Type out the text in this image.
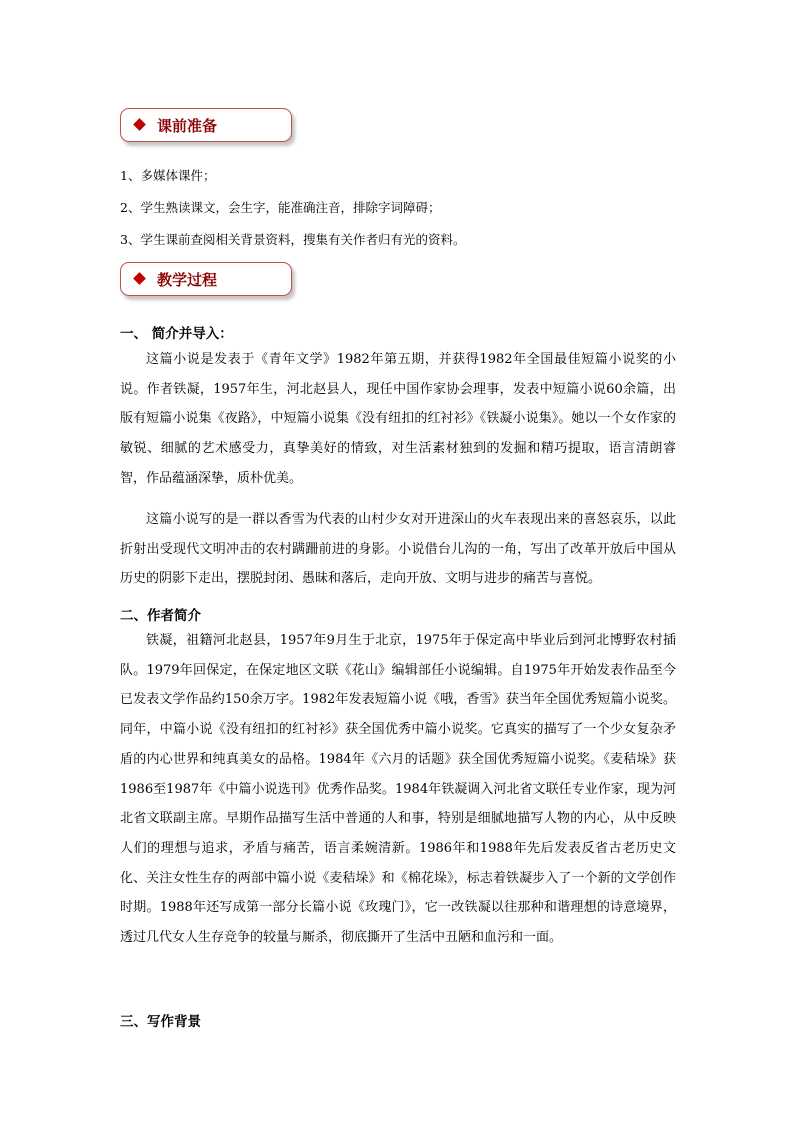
课前准备
1、多媒体课件；
2、学生熟读课文，会生字，能准确注音，排除字词障碍；
3、学生课前查阅相关背景资料，搜集有关作者归有光的资料。
教学过程
一、 简介并导入：

这篇小说是发表于《青年文学》1982年第五期，并获得1982年全国最佳短篇小说奖的小说。作者铁凝，1957年生，河北赵县人，现任中国作家协会理事，发表中短篇小说60余篇，出版有短篇小说集《夜路》，中短篇小说集《没有纽扣的红衬衫》《铁凝小说集》。她以一个女作家的敏锐、细腻的艺术感受力，真挚美好的情致，对生活素材独到的发掘和精巧提取，语言清朗睿智，作品蕴涵深挚，质朴优美。

这篇小说写的是一群以香雪为代表的山村少女对开进深山的火车表现出来的喜怒哀乐，以此折射出受现代文明冲击的农村蹒跚前进的身影。小说借台儿沟的一角，写出了改革开放后中国从历史的阴影下走出，摆脱封闭、愚昧和落后，走向开放、文明与进步的痛苦与喜悦。

二、作者简介

铁凝，祖籍河北赵县，1957年9月生于北京，1975年于保定高中毕业后到河北博野农村插队。1979年回保定，在保定地区文联《花山》编辑部任小说编辑。自1975年开始发表作品至今已发表文学作品约150余万字。1982年发表短篇小说《哦，香雪》获当年全国优秀短篇小说奖。同年，中篇小说《没有纽扣的红衬衫》获全国优秀中篇小说奖。它真实的描写了一个少女复杂矛盾的内心世界和纯真美女的品格。1984年《六月的话题》获全国优秀短篇小说奖。《麦秸垛》获1986至1987年《中篇小说选刊》优秀作品奖。1984年铁凝调入河北省文联任专业作家，现为河北省文联副主席。早期作品描写生活中普通的人和事，特别是细腻地描写人物的内心，从中反映人们的理想与追求，矛盾与痛苦，语言柔婉清新。1986年和1988年先后发表反省古老历史文化、关注女性生存的两部中篇小说《麦秸垛》和《棉花垛》，标志着铁凝步入了一个新的文学创作时期。1988年还写成第一部分长篇小说《玫瑰门》，它一改铁凝以往那种和谐理想的诗意境界，透过几代女人生存竞争的较量与厮杀，彻底撕开了生活中丑陋和血污和一面。

三、写作背景
